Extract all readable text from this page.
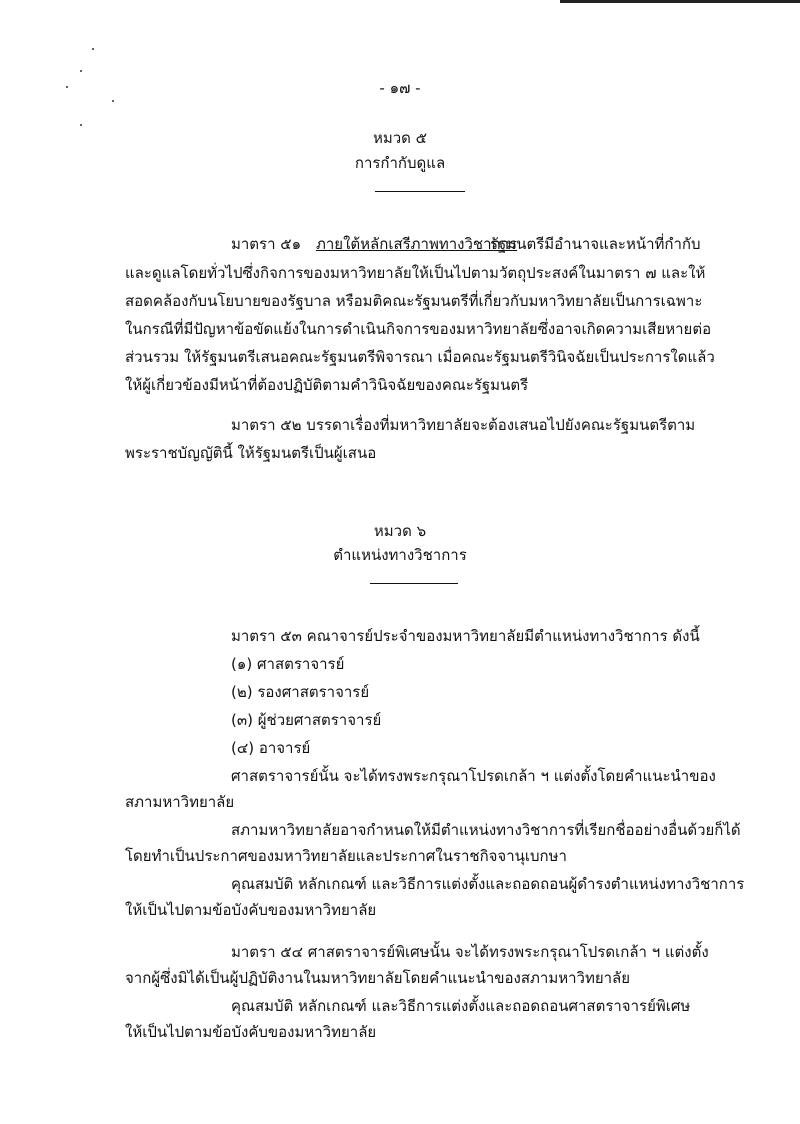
- ๑๗ -
หมวด ๕
การกำกับดูแล
มาตรา ๕๑ ภายใต้หลักเสรีภาพทางวิชาการ
รัฐมนตรีมีอำนาจและหน้าที่กำกับ
และดูแลโดยทั่วไปซึ่งกิจการของมหาวิทยาลัยให้เป็นไปตามวัตถุประสงค์ในมาตรา ๗ และให้
สอดคล้องกับนโยบายของรัฐบาล หรือมติคณะรัฐมนตรีที่เกี่ยวกับมหาวิทยาลัยเป็นการเฉพาะ
ในกรณีที่มีปัญหาข้อขัดแย้งในการดำเนินกิจการของมหาวิทยาลัยซึ่งอาจเกิดความเสียหายต่อ
ส่วนรวม ให้รัฐมนตรีเสนอคณะรัฐมนตรีพิจารณา เมื่อคณะรัฐมนตรีวินิจฉัยเป็นประการใดแล้ว
ให้ผู้เกี่ยวข้องมีหน้าที่ต้องปฏิบัติตามคำวินิจฉัยของคณะรัฐมนตรี
มาตรา ๕๒ บรรดาเรื่องที่มหาวิทยาลัยจะต้องเสนอไปยังคณะรัฐมนตรีตาม
พระราชบัญญัตินี้ ให้รัฐมนตรีเป็นผู้เสนอ
หมวด ๖
ตำแหน่งทางวิชาการ
มาตรา ๕๓ คณาจารย์ประจำของมหาวิทยาลัยมีตำแหน่งทางวิชาการ ดังนี้
(๑) ศาสตราจารย์
(๒) รองศาสตราจารย์
(๓) ผู้ช่วยศาสตราจารย์
(๔) อาจารย์
ศาสตราจารย์นั้น จะได้ทรงพระกรุณาโปรดเกล้า ฯ แต่งตั้งโดยคำแนะนำของ
สภามหาวิทยาลัย
สภามหาวิทยาลัยอาจกำหนดให้มีตำแหน่งทางวิชาการที่เรียกชื่ออย่างอื่นด้วยก็ได้
โดยทำเป็นประกาศของมหาวิทยาลัยและประกาศในราชกิจจานุเบกษา
คุณสมบัติ หลักเกณฑ์ และวิธีการแต่งตั้งและถอดถอนผู้ดำรงตำแหน่งทางวิชาการ
ให้เป็นไปตามข้อบังคับของมหาวิทยาลัย
มาตรา ๕๔ ศาสตราจารย์พิเศษนั้น จะได้ทรงพระกรุณาโปรดเกล้า ฯ แต่งตั้ง
จากผู้ซึ่งมิได้เป็นผู้ปฏิบัติงานในมหาวิทยาลัยโดยคำแนะนำของสภามหาวิทยาลัย
คุณสมบัติ หลักเกณฑ์ และวิธีการแต่งตั้งและถอดถอนศาสตราจารย์พิเศษ
ให้เป็นไปตามข้อบังคับของมหาวิทยาลัย
